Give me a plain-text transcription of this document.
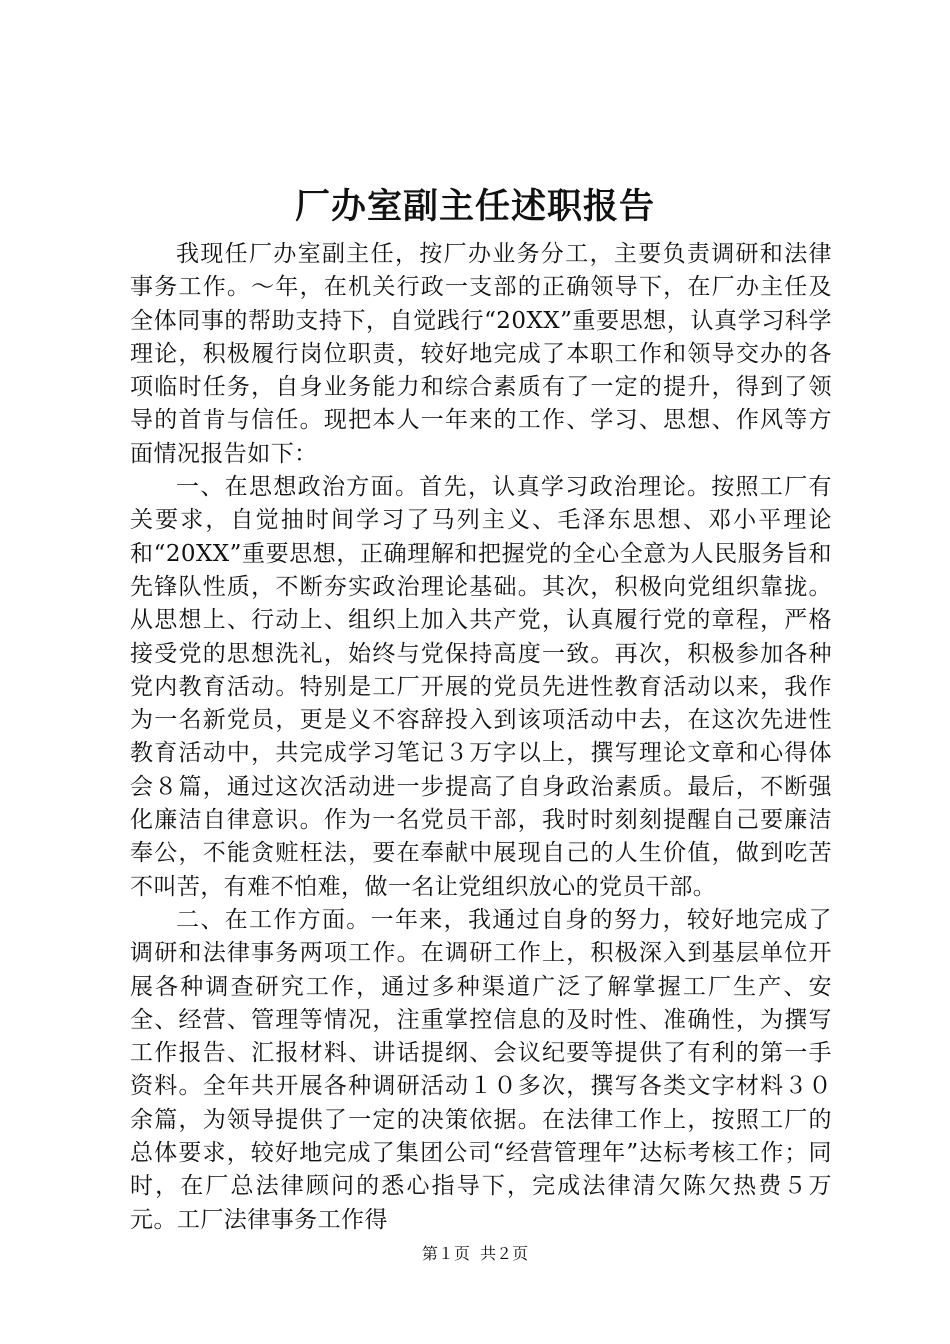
厂办室副主任述职报告

我现任厂办室副主任，按厂办业务分工，主要负责调研和法律事务工作。～年，在机关行政一支部的正确领导下，在厂办主任及全体同事的帮助支持下，自觉践行“20XX”重要思想，认真学习科学理论，积极履行岗位职责，较好地完成了本职工作和领导交办的各项临时任务，自身业务能力和综合素质有了一定的提升，得到了领导的首肯与信任。现把本人一年来的工作、学习、思想、作风等方面情况报告如下：

一、在思想政治方面。首先，认真学习政治理论。按照工厂有关要求，自觉抽时间学习了马列主义、毛泽东思想、邓小平理论和“20XX”重要思想，正确理解和把握党的全心全意为人民服务旨和先锋队性质，不断夯实政治理论基础。其次，积极向党组织靠拢。从思想上、行动上、组织上加入共产党，认真履行党的章程，严格接受党的思想洗礼，始终与党保持高度一致。再次，积极参加各种党内教育活动。特别是工厂开展的党员先进性教育活动以来，我作为一名新党员，更是义不容辞投入到该项活动中去，在这次先进性教育活动中，共完成学习笔记３万字以上，撰写理论文章和心得体会８篇，通过这次活动进一步提高了自身政治素质。最后，不断强化廉洁自律意识。作为一名党员干部，我时时刻刻提醒自己要廉洁奉公，不能贪赃枉法，要在奉献中展现自己的人生价值，做到吃苦不叫苦，有难不怕难，做一名让党组织放心的党员干部。

二、在工作方面。一年来，我通过自身的努力，较好地完成了调研和法律事务两项工作。在调研工作上，积极深入到基层单位开展各种调查研究工作，通过多种渠道广泛了解掌握工厂生产、安全、经营、管理等情况，注重掌控信息的及时性、准确性，为撰写工作报告、汇报材料、讲话提纲、会议纪要等提供了有利的第一手资料。全年共开展各种调研活动１０多次，撰写各类文字材料３０余篇，为领导提供了一定的决策依据。在法律工作上，按照工厂的总体要求，较好地完成了集团公司“经营管理年”达标考核工作；同时，在厂总法律顾问的悉心指导下，完成法律清欠陈欠热费５万元。工厂法律事务工作得

第１页 共２页
